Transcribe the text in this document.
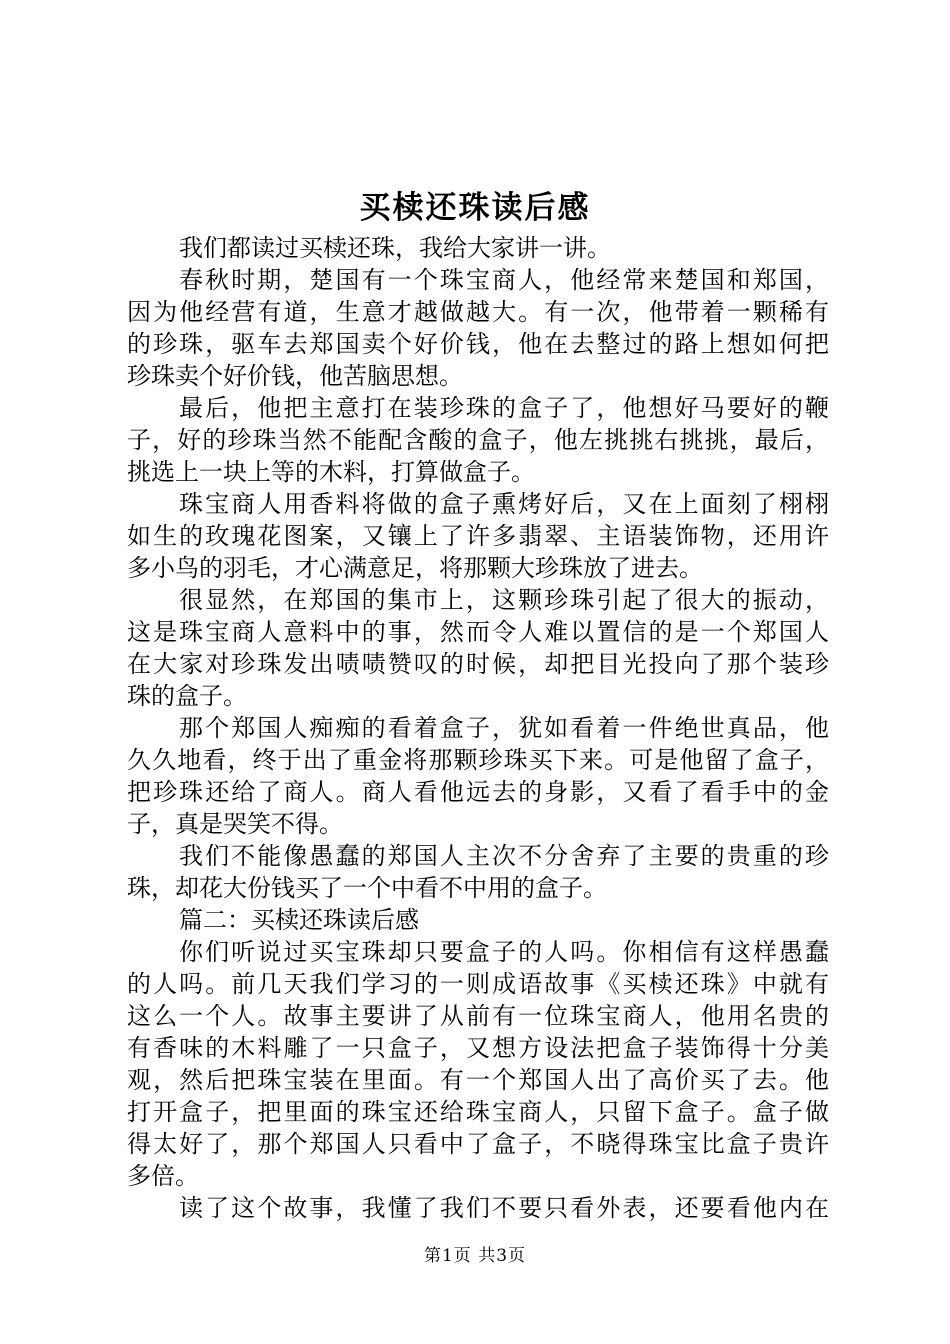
买椟还珠读后感
我们都读过买椟还珠，我给大家讲一讲。
春秋时期，楚国有一个珠宝商人，他经常来楚国和郑国，
因为他经营有道，生意才越做越大。有一次，他带着一颗稀有
的珍珠，驱车去郑国卖个好价钱，他在去整过的路上想如何把
珍珠卖个好价钱，他苦脑思想。
最后，他把主意打在装珍珠的盒子了，他想好马要好的鞭
子，好的珍珠当然不能配含酸的盒子，他左挑挑右挑挑，最后，
挑选上一块上等的木料，打算做盒子。
珠宝商人用香料将做的盒子熏烤好后，又在上面刻了栩栩
如生的玫瑰花图案，又镶上了许多翡翠、主语装饰物，还用许
多小鸟的羽毛，才心满意足，将那颗大珍珠放了进去。
很显然，在郑国的集市上，这颗珍珠引起了很大的振动，
这是珠宝商人意料中的事，然而令人难以置信的是一个郑国人
在大家对珍珠发出啧啧赞叹的时候，却把目光投向了那个装珍
珠的盒子。
那个郑国人痴痴的看着盒子，犹如看着一件绝世真品，他
久久地看，终于出了重金将那颗珍珠买下来。可是他留了盒子，
把珍珠还给了商人。商人看他远去的身影，又看了看手中的金
子，真是哭笑不得。
我们不能像愚蠢的郑国人主次不分舍弃了主要的贵重的珍
珠，却花大份钱买了一个中看不中用的盒子。
篇二：买椟还珠读后感
你们听说过买宝珠却只要盒子的人吗。你相信有这样愚蠢
的人吗。前几天我们学习的一则成语故事《买椟还珠》中就有
这么一个人。故事主要讲了从前有一位珠宝商人，他用名贵的
有香味的木料雕了一只盒子，又想方设法把盒子装饰得十分美
观，然后把珠宝装在里面。有一个郑国人出了高价买了去。他
打开盒子，把里面的珠宝还给珠宝商人，只留下盒子。盒子做
得太好了，那个郑国人只看中了盒子，不晓得珠宝比盒子贵许
多倍。
读了这个故事，我懂了我们不要只看外表，还要看他内在
第1页 共3页
